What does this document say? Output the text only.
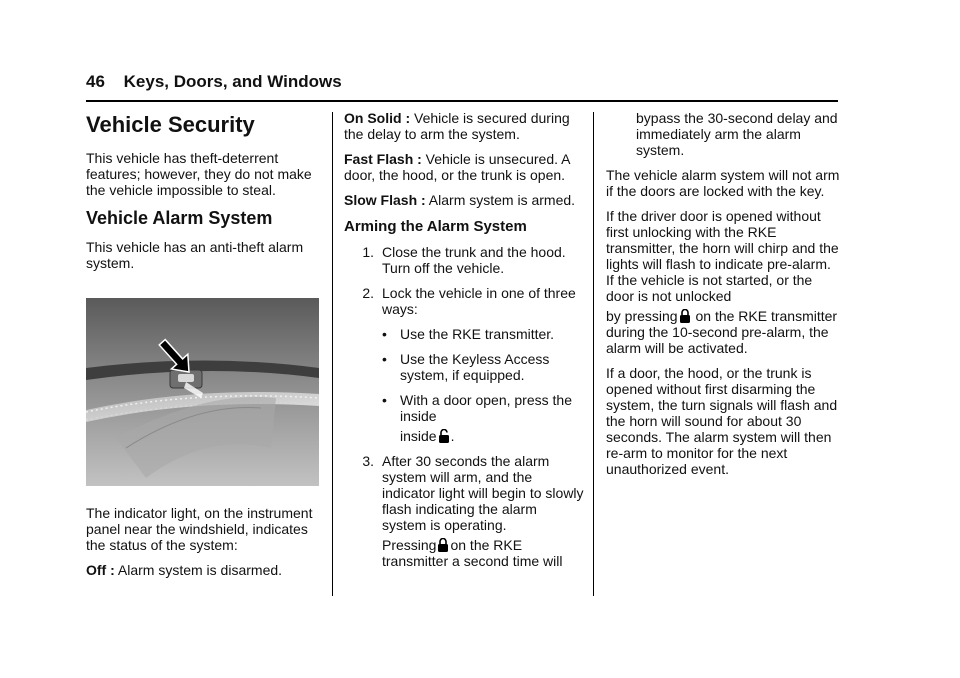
46 Keys, Doors, and Windows
Vehicle Security

This vehicle has theft-deterrent features; however, they do not make the vehicle impossible to steal.

Vehicle Alarm System

This vehicle has an anti-theft alarm system.

The indicator light, on the instrument panel near the windshield, indicates the status of the system:

Off : Alarm system is disarmed.

On Solid : Vehicle is secured during the delay to arm the system.

Fast Flash : Vehicle is unsecured. A door, the hood, or the trunk is open.

Slow Flash : Alarm system is armed.

Arming the Alarm System
1. Close the trunk and the hood. Turn off the vehicle.
2. Lock the vehicle in one of three ways:
• Use the RKE transmitter.
• Use the Keyless Access system, if equipped.
• With a door open, press the inside
inside .
3. After 30 seconds the alarm system will arm, and the indicator light will begin to slowly flash indicating the alarm system is operating.
Pressing on the RKE transmitter a second time will

bypass the 30-second delay and immediately arm the alarm system.

The vehicle alarm system will not arm if the doors are locked with the key.

If the driver door is opened without first unlocking with the RKE transmitter, the horn will chirp and the lights will flash to indicate pre-alarm. If the vehicle is not started, or the door is not unlocked
by pressing on the RKE transmitter during the 10-second pre-alarm, the alarm will be activated.

If a door, the hood, or the trunk is opened without first disarming the system, the turn signals will flash and the horn will sound for about 30 seconds. The alarm system will then re-arm to monitor for the next unauthorized event.
